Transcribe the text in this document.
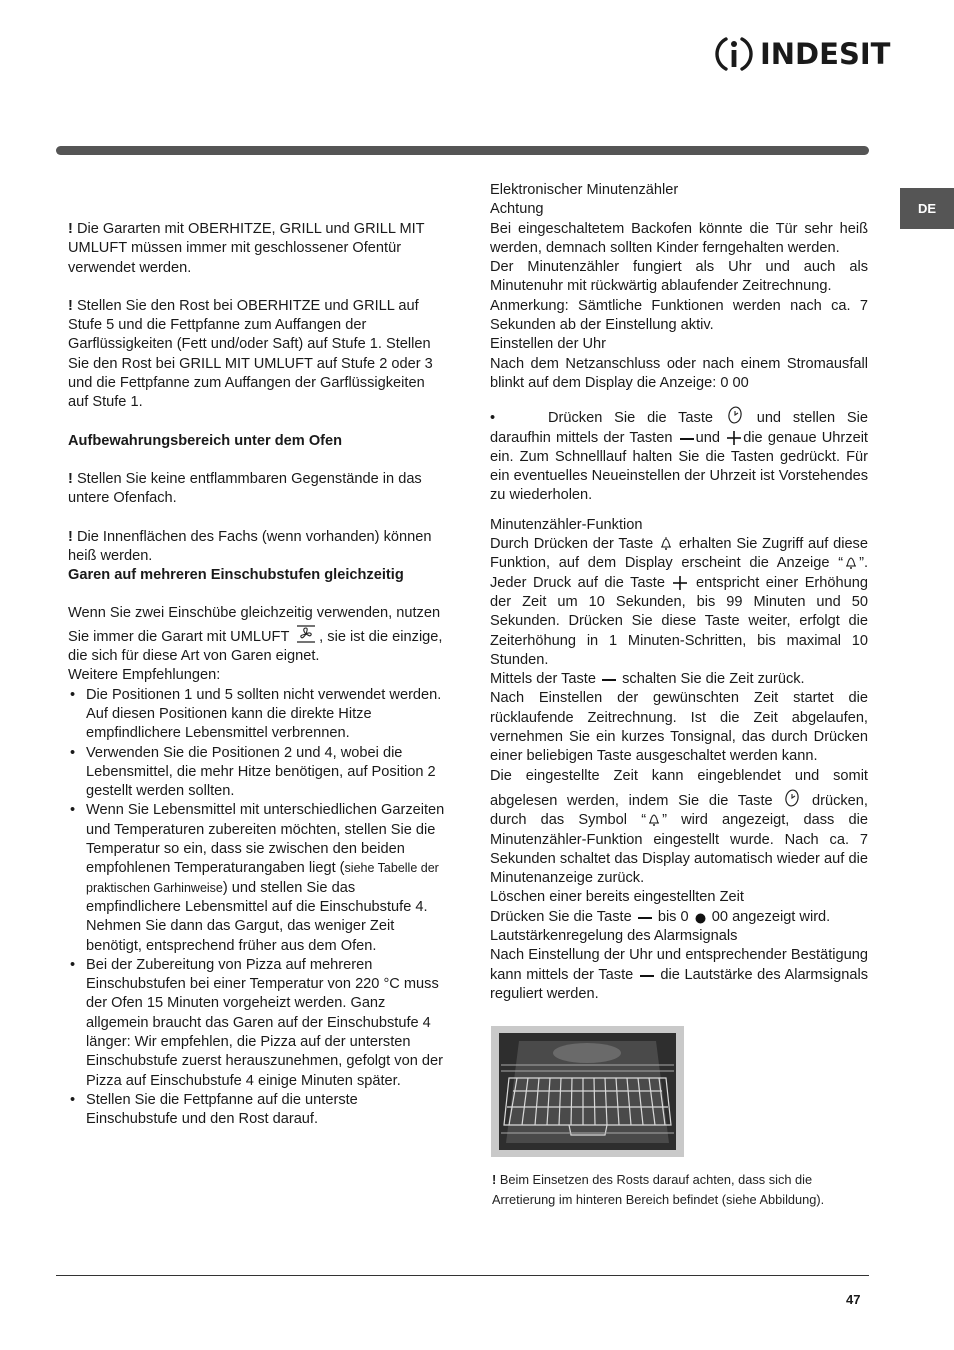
INDESIT
DE

! Die Gararten mit OBERHITZE, GRILL und GRILL MIT UMLUFT müssen immer mit geschlossener Ofentür verwendet werden.

! Stellen Sie den Rost bei OBERHITZE und GRILL auf Stufe 5 und die Fettpfanne zum Auffangen der Garflüssigkeiten (Fett und/oder Saft) auf Stufe 1. Stellen Sie den Rost bei GRILL MIT UMLUFT auf Stufe 2 oder 3 und die Fettpfanne zum Auffangen der Garflüssigkeiten auf Stufe 1.

Aufbewahrungsbereich unter dem Ofen

! Stellen Sie keine entflammbaren Gegenstände in das untere Ofenfach.

! Die Innenflächen des Fachs (wenn vorhanden) können heiß werden.

Garen auf mehreren Einschubstufen gleichzeitig

Wenn Sie zwei Einschübe gleichzeitig verwenden, nutzen Sie immer die Garart mit UMLUFT , sie ist die einzige, die sich für diese Art von Garen eignet.

Weitere Empfehlungen:

• Die Positionen 1 und 5 sollten nicht verwendet werden. Auf diesen Positionen kann die direkte Hitze empfindlichere Lebensmittel verbrennen.
• Verwenden Sie die Positionen 2 und 4, wobei die Lebensmittel, die mehr Hitze benötigen, auf Position 2 gestellt werden sollten.
• Wenn Sie Lebensmittel mit unterschiedlichen Garzeiten und Temperaturen zubereiten möchten, stellen Sie die Temperatur so ein, dass sie zwischen den beiden empfohlenen Temperaturangaben liegt (siehe Tabelle der praktischen Garhinweise) und stellen Sie das empfindlichere Lebensmittel auf die Einschubstufe 4. Nehmen Sie dann das Gargut, das weniger Zeit benötigt, entsprechend früher aus dem Ofen.
• Bei der Zubereitung von Pizza auf mehreren Einschubstufen bei einer Temperatur von 220 °C muss der Ofen 15 Minuten vorgeheizt werden. Ganz allgemein braucht das Garen auf der Einschubstufe 4 länger: Wir empfehlen, die Pizza auf der untersten Einschubstufe zuerst herauszunehmen, gefolgt von der Pizza auf Einschubstufe 4 einige Minuten später.
• Stellen Sie die Fettpfanne auf die unterste Einschubstufe und den Rost darauf.

Elektronischer Minutenzähler

Achtung

Bei eingeschaltetem Backofen könnte die Tür sehr heiß werden, demnach sollten Kinder ferngehalten werden.

Der Minutenzähler fungiert als Uhr und auch als Minutenuhr mit rückwärtig ablaufender Zeitrechnung.

Anmerkung: Sämtliche Funktionen werden nach ca. 7 Sekunden ab der Einstellung aktiv.

Einstellen der Uhr

Nach dem Netzanschluss oder nach einem Stromausfall blinkt auf dem Display die Anzeige: 0 00

•	Drücken Sie die Taste	und stellen Sie daraufhin mittels der Tasten und die genaue Uhrzeit ein. Zum Schnelllauf halten Sie die Tasten gedrückt. Für ein eventuelles Neueinstellen der Uhrzeit ist Vorstehendes zu wiederholen.

Minutenzähler-Funktion

Durch Drücken der Taste erhalten Sie Zugriff auf diese Funktion, auf dem Display erscheint die Anzeige “ ”. Jeder Druck auf die Taste entspricht einer Erhöhung der Zeit um 10 Sekunden, bis 99 Minuten und 50 Sekunden. Drücken Sie diese Taste weiter, erfolgt die Zeiterhöhung in 1 Minuten-Schritten, bis maximal 10 Stunden.

Mittels der Taste schalten Sie die Zeit zurück.

Nach Einstellen der gewünschten Zeit startet die rücklaufende Zeitrechnung. Ist die Zeit abgelaufen, vernehmen Sie ein kurzes Tonsignal, das durch Drücken einer beliebigen Taste ausgeschaltet werden kann.

Die eingestellte Zeit kann eingeblendet und somit abgelesen werden, indem Sie die Taste	drücken, durch das Symbol “ ” wird angezeigt, dass die Minutenzähler-Funktion eingestellt wurde. Nach ca. 7 Sekunden schaltet das Display automatisch wieder auf die Minutenanzeige zurück.

Löschen einer bereits eingestellten Zeit

Drücken Sie die Taste bis 0 00 angezeigt wird.

Lautstärkenregelung des Alarmsignals

Nach Einstellung der Uhr und entsprechender Bestätigung kann mittels der Taste die Lautstärke des Alarmsignals reguliert werden.

! Beim Einsetzen des Rosts darauf achten, dass sich die Arretierung im hinteren Bereich befindet (siehe Abbildung).

47
